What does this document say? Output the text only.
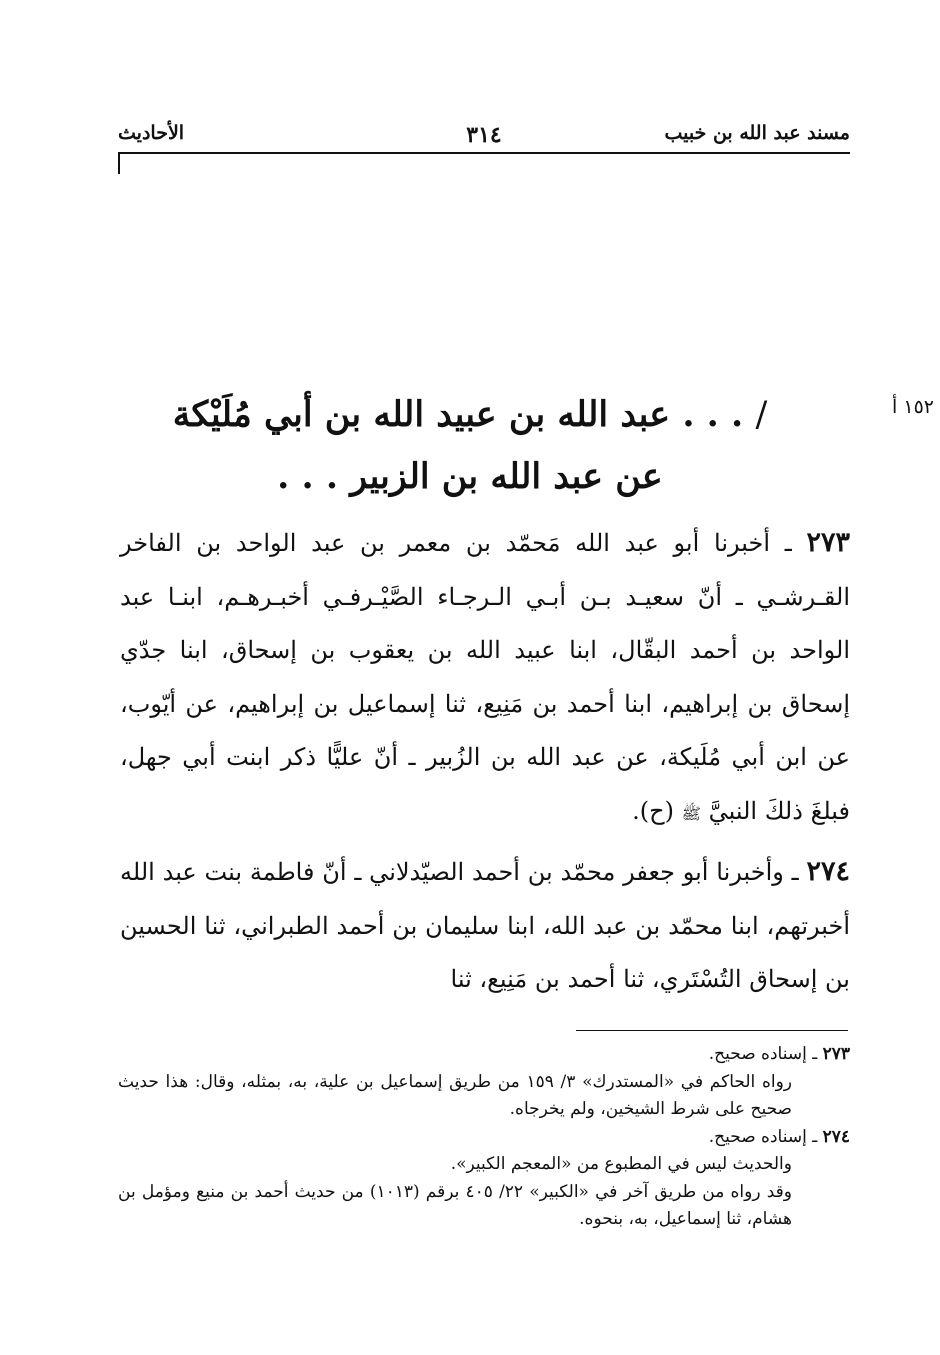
مسند عبد الله بن خبيب
٣١٤
الأحاديث
١٥٢ أ
/ . . . عبد الله بن عبيد الله بن أبي مُلَيْكة
عن عبد الله بن الزبير . . .

٢٧٣ ـ أخبرنا أبو عبد الله مَحمّد بن معمر بن عبد الواحد بن الفاخر القـرشـي ـ أنّ سعيـد بـن أبـي الـرجـاء الصَّيْـرفـي أخبـرهـم، ابنـا عبد الواحد بن أحمد البقّال، ابنا عبيد الله بن يعقوب بن إسحاق، ابنا جدّي إسحاق بن إبراهيم، ابنا أحمد بن مَنِيع، ثنا إسماعيل بن إبراهيم، عن أيّوب، عن ابن أبي مُلَيكة، عن عبد الله بن الزُبير ـ أنّ عليًّا ذكر ابنت أبي جهل، فبلغَ ذلكَ النبيَّ ﷺ (ح).

٢٧٤ ـ وأخبرنا أبو جعفر محمّد بن أحمد الصيّدلاني ـ أنّ فاطمة بنت عبد الله أخبرتهم، ابنا محمّد بن عبد الله، ابنا سليمان بن أحمد الطبراني، ثنا الحسين بن إسحاق التُسْتَري، ثنا أحمد بن مَنِيع، ثنا

٢٧٣ ـ إسناده صحيح.

رواه الحاكم في «المستدرك» ٣/ ١٥٩ من طريق إسماعيل بن علية، به، بمثله، وقال: هذا حديث صحيح على شرط الشيخين، ولم يخرجاه.

٢٧٤ ـ إسناده صحيح.

والحديث ليس في المطبوع من «المعجم الكبير».

وقد رواه من طريق آخر في «الكبير» ٢٢/ ٤٠٥ برقم (١٠١٣) من حديث أحمد بن منيع ومؤمل بن هشام، ثنا إسماعيل، به، بنحوه.
